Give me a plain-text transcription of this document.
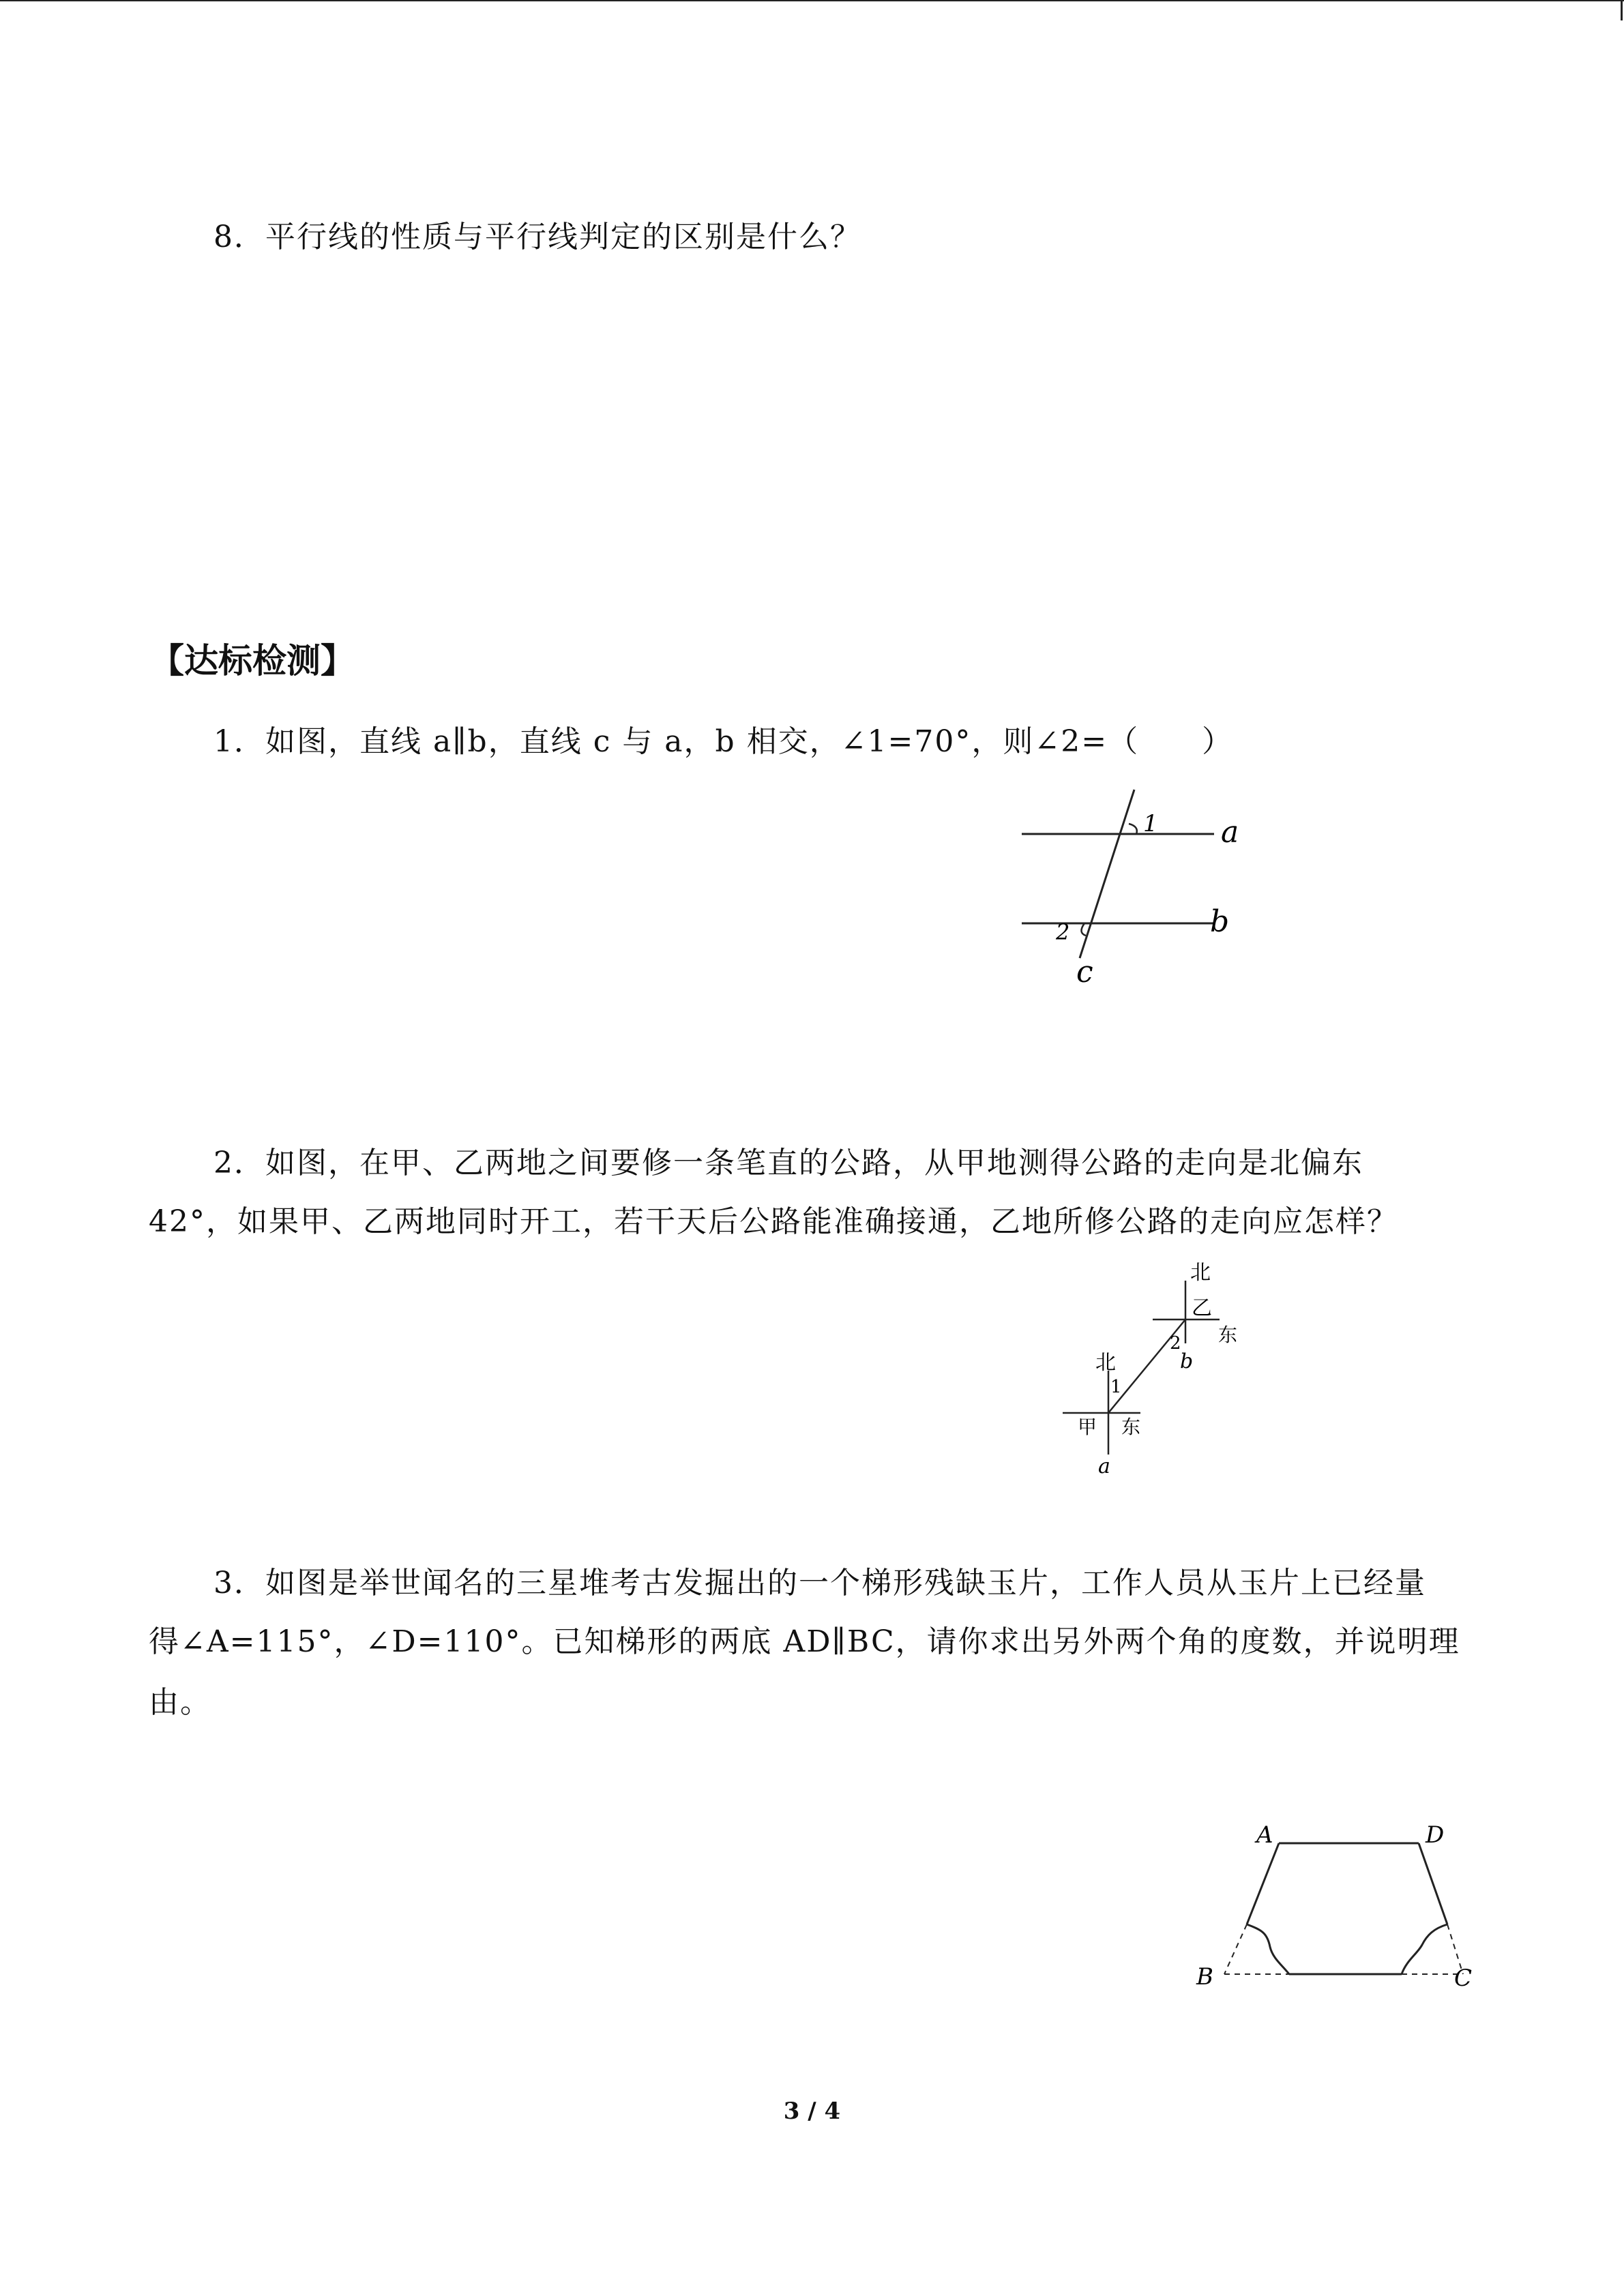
8．平行线的性质与平行线判定的区别是什么？
【达标检测】
1．如图，直线 a∥b，直线 c 与 a，b 相交，∠1=70°，则∠2=（　　）
1
2
a
b
c
2．如图，在甲、乙两地之间要修一条笔直的公路，从甲地测得公路的走向是北偏东
42°，如果甲、乙两地同时开工，若干天后公路能准确接通，乙地所修公路的走向应怎样？
北
乙
东
2
b
北
1
甲 东
a
3．如图是举世闻名的三星堆考古发掘出的一个梯形残缺玉片，工作人员从玉片上已经量
得∠A=115°，∠D=110°。已知梯形的两底 AD∥BC，请你求出另外两个角的度数，并说明理
由。
A	D
B	C
3 / 4
